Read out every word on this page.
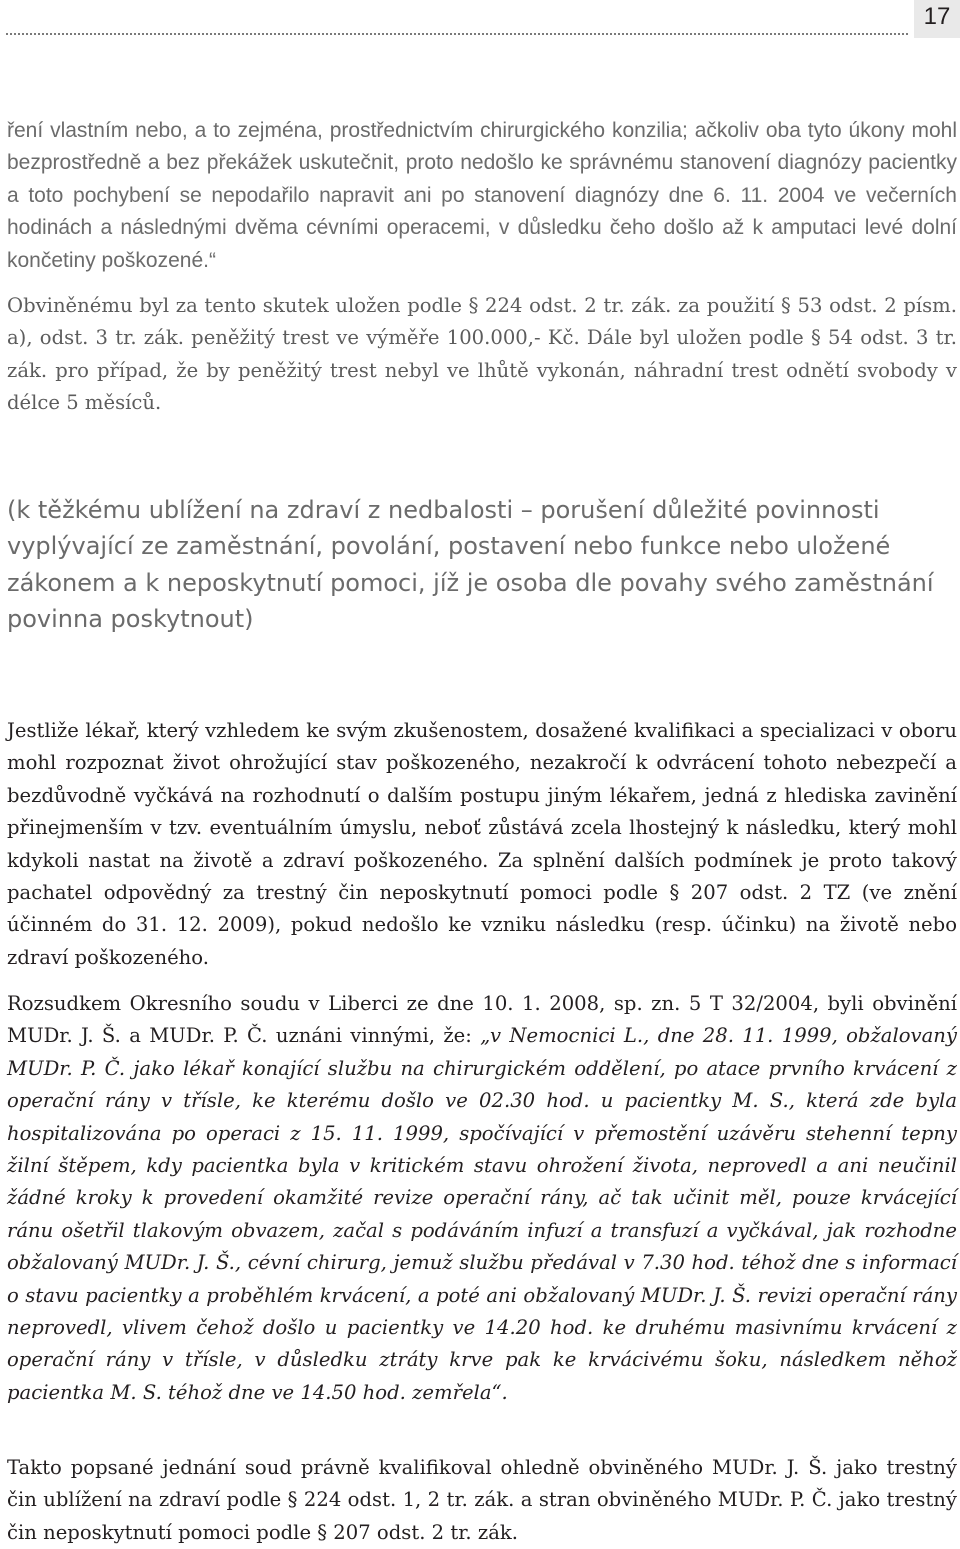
17

ření vlastním nebo, a to zejména, prostřednictvím chirurgického konzilia; ačkoliv oba tyto úkony mohl bezprostředně a bez překážek uskutečnit, proto nedošlo ke správnému stanovení diagnózy pacientky a toto pochybení se nepodařilo napravit ani po stanovení diagnózy dne 6. 11. 2004 ve večerních hodinách a následnými dvěma cévními operacemi, v důsledku čeho došlo až k amputaci levé dolní končetiny poškozené.“

Obviněnému byl za tento skutek uložen podle § 224 odst. 2 tr. zák. za použití § 53 odst. 2 písm. a), odst. 3 tr. zák. peněžitý trest ve výměře 100.000,- Kč. Dále byl uložen podle § 54 odst. 3 tr. zák. pro případ, že by peněžitý trest nebyl ve lhůtě vykonán, náhradní trest odnětí svobody v délce 5 měsíců.

(k těžkému ublížení na zdraví z nedbalosti – porušení důležité povinnosti vyplývající ze zaměstnání, povolání, postavení nebo funkce nebo uložené zákonem a k neposkytnutí pomoci, jíž je osoba dle povahy svého zaměstnání povinna poskytnout)

Jestliže lékař, který vzhledem ke svým zkušenostem, dosažené kvalifikaci a specializaci v oboru mohl rozpoznat život ohrožující stav poškozeného, nezakročí k odvrácení tohoto nebezpečí a bezdůvodně vyčkává na rozhodnutí o dalším postupu jiným lékařem, jedná z hlediska zavinění přinejmenším v tzv. eventuálním úmyslu, neboť zůstává zcela lhostejný k následku, který mohl kdykoli nastat na životě a zdraví poškozeného. Za splnění dalších podmínek je proto takový pachatel odpovědný za trestný čin neposkytnutí pomoci podle § 207 odst. 2 TZ (ve znění účinném do 31. 12. 2009), pokud nedošlo ke vzniku následku (resp. účinku) na životě nebo zdraví poškozeného.

Rozsudkem Okresního soudu v Liberci ze dne 10. 1. 2008, sp. zn. 5 T 32/2004, byli obvinění MUDr. J. Š. a MUDr. P. Č. uznáni vinnými, že: „v Nemocnici L., dne 28. 11. 1999, obžalovaný MUDr. P. Č. jako lékař konající službu na chirurgickém oddělení, po atace prvního krvácení z operační rány v třísle, ke kterému došlo ve 02.30 hod. u pacientky M. S., která zde byla hospitalizována po operaci z 15. 11. 1999, spočívající v přemostění uzávěru stehenní tepny žilní štěpem, kdy pacientka byla v kritickém stavu ohrožení života, neprovedl a ani neučinil žádné kroky k provedení okamžité revize operační rány, ač tak učinit měl, pouze krvácející ránu ošetřil tlakovým obvazem, začal s podáváním infuzí a transfuzí a vyčkával, jak rozhodne obžalovaný MUDr. J. Š., cévní chirurg, jemuž službu předával v 7.30 hod. téhož dne s informací o stavu pacientky a proběhlém krvácení, a poté ani obžalovaný MUDr. J. Š. revizi operační rány neprovedl, vlivem čehož došlo u pacientky ve 14.20 hod. ke druhému masivnímu krvácení z operační rány v třísle, v důsledku ztráty krve pak ke krvácivému šoku, následkem něhož pacientka M. S. téhož dne ve 14.50 hod. zemřela“.

Takto popsané jednání soud právně kvalifikoval ohledně obviněného MUDr. J. Š. jako trestný čin ublížení na zdraví podle § 224 odst. 1, 2 tr. zák. a stran obviněného MUDr. P. Č. jako trestný čin neposkytnutí pomoci podle § 207 odst. 2 tr. zák.
